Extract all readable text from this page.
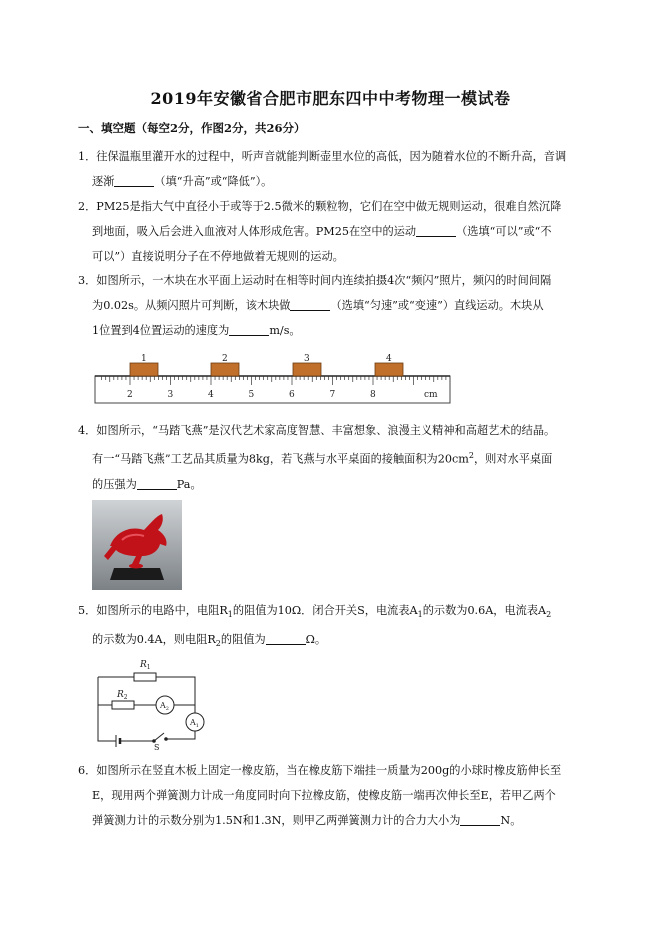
2019年安徽省合肥市肥东四中中考物理一模试卷
一、填空题（每空2分，作图2分，共26分）
1．往保温瓶里灌开水的过程中，听声音就能判断壶里水位的高低，因为随着水位的不断升高，音调
逐渐	（填“升高”或“降低”）。
2．PM25是指大气中直径小于或等于2.5微米的颗粒物，它们在空中做无规则运动，很难自然沉降
到地面，吸入后会进入血液对人体形成危害。PM25在空中的运动	（选填“可以”或“不
可以”）直接说明分子在不停地做着无规则的运动。
3．如图所示，一木块在水平面上运动时在相等时间内连续拍摄4次“频闪”照片，频闪的时间间隔
为0.02s。从频闪照片可判断，该木块做	（选填“匀速”或“变速”）直线运动。木块从
1位置到4位置运动的速度为	m/s。
2	3	4	5	6	7	8	cm
1	2	3	4
4．如图所示，“马踏飞燕”是汉代艺术家高度智慧、丰富想象、浪漫主义精神和高超艺术的结晶。
有一“马踏飞燕”工艺品其质量为8kg，若飞燕与水平桌面的接触面积为$20cm^2$，则对水平桌面
的压强为	Pa。
5．如图所示的电路中，电阻$R_1$的阻值为10Ω．闭合开关S，电流表$A_1$的示数为0.6A，电流表$A_2$
的示数为0.4A，则电阻$R_2$的阻值为	Ω。
$R_1$
$R_2$
$A_2$
$A_1$
S
6．如图所示在竖直木板上固定一橡皮筋，当在橡皮筋下端挂一质量为200g的小球时橡皮筋伸长至
E，现用两个弹簧测力计成一角度同时向下拉橡皮筋，使橡皮筋一端再次伸长至E，若甲乙两个
弹簧测力计的示数分别为1.5N和1.3N，则甲乙两弹簧测力计的合力大小为	N。
